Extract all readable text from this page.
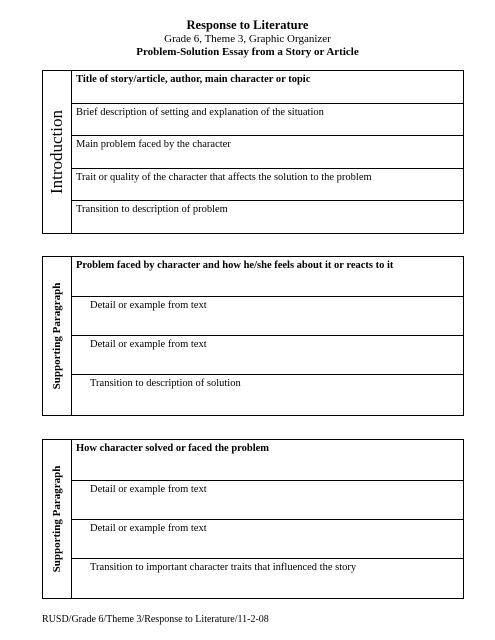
Response to Literature
Grade 6, Theme 3, Graphic Organizer
Problem-Solution Essay from a Story or Article
Introduction
Title of story/article, author, main character or topic
Brief description of setting and explanation of the situation
Main problem faced by the character
Trait or quality of the character that affects the solution to the problem
Transition to description of problem
Supporting Paragraph
Problem faced by character and how he/she feels about it or reacts to it
Detail or example from text
Detail or example from text
Transition to description of solution
Supporting Paragraph
How character solved or faced the problem
Detail or example from text
Detail or example from text
Transition to important character traits that influenced the story
RUSD/Grade 6/Theme 3/Response to Literature/11-2-08
